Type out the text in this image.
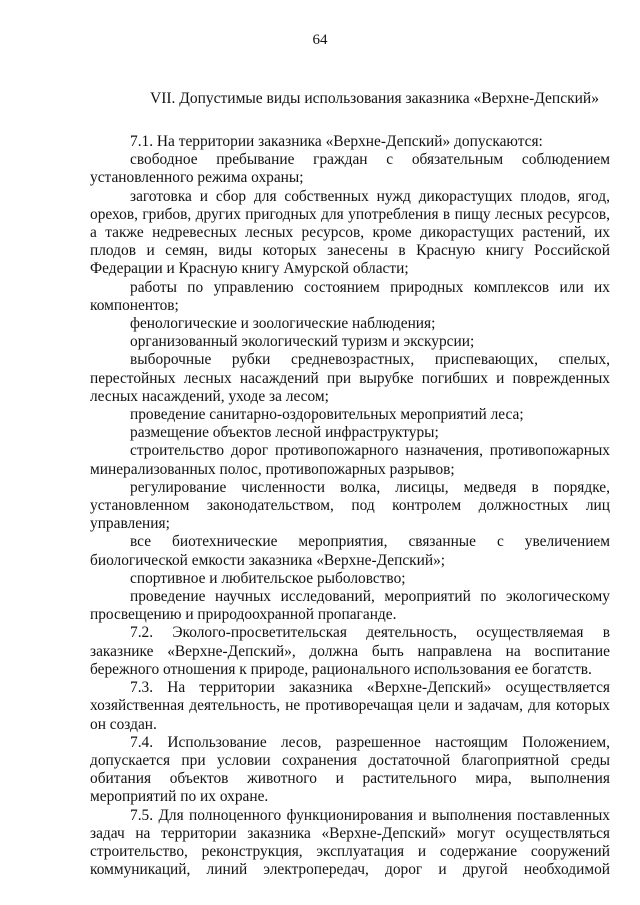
64
VII. Допустимые виды использования заказника «Верхне-Депский»

7.1. На территории заказника «Верхне-Депский» допускаются:

свободное пребывание граждан с обязательным соблюдением установленного режима охраны;

заготовка и сбор для собственных нужд дикорастущих плодов, ягод, орехов, грибов, других пригодных для употребления в пищу лесных ресурсов, а также недревесных лесных ресурсов, кроме дикорастущих растений, их плодов и семян, виды которых занесены в Красную книгу Российской Федерации и Красную книгу Амурской области;

работы по управлению состоянием природных комплексов или их компонентов;

фенологические и зоологические наблюдения;

организованный экологический туризм и экскурсии;

выборочные рубки средневозрастных, приспевающих, спелых, перестойных лесных насаждений при вырубке погибших и поврежденных лесных насаждений, уходе за лесом;

проведение санитарно-оздоровительных мероприятий леса;

размещение объектов лесной инфраструктуры;

строительство дорог противопожарного назначения, противопожарных минерализованных полос, противопожарных разрывов;

регулирование численности волка, лисицы, медведя в порядке, установленном законодательством, под контролем должностных лиц управления;

все биотехнические мероприятия, связанные с увеличением биологической емкости заказника «Верхне-Депский»;

спортивное и любительское рыболовство;

проведение научных исследований, мероприятий по экологическому просвещению и природоохранной пропаганде.

7.2. Эколого-просветительская деятельность, осуществляемая в заказнике «Верхне-Депский», должна быть направлена на воспитание бережного отношения к природе, рационального использования ее богатств.

7.3. На территории заказника «Верхне-Депский» осуществляется хозяйственная деятельность, не противоречащая цели и задачам, для которых он создан.

7.4. Использование лесов, разрешенное настоящим Положением, допускается при условии сохранения достаточной благоприятной среды обитания объектов животного и растительного мира, выполнения мероприятий по их охране.

7.5. Для полноценного функционирования и выполнения поставленных задач на территории заказника «Верхне-Депский» могут осуществляться строительство, реконструкция, эксплуатация и содержание сооружений коммуникаций, линий электропередач, дорог и другой необходимой
